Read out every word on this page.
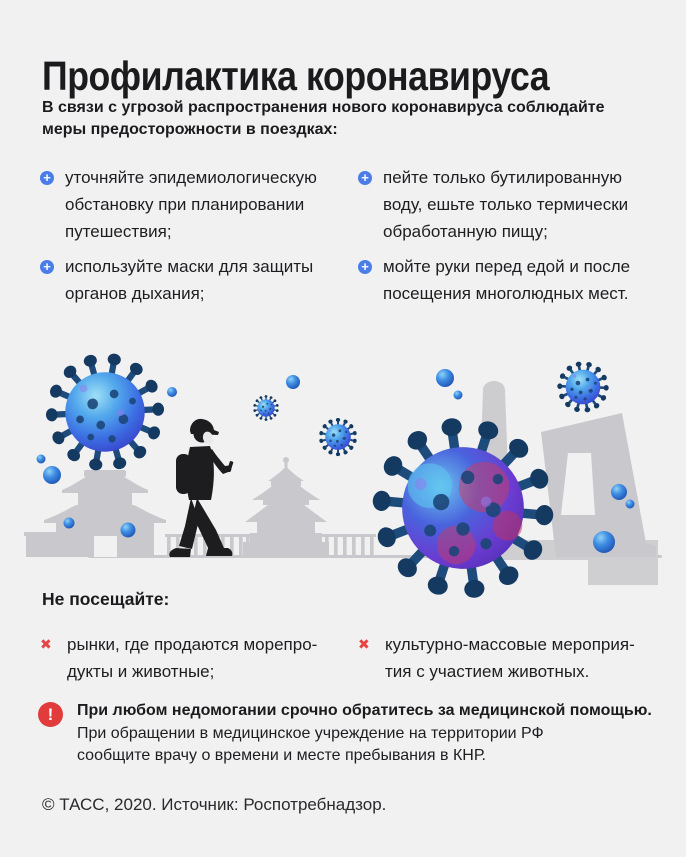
Профилактика коронавируса
В связи с угрозой распространения нового коронавируса соблюдайте
меры предосторожности в поездках:
+ уточняйте эпидемиологическую
обстановку при планировании
путешествия;
+ используйте маски для защиты
органов дыхания;
+ пейте только бутилированную
воду, ешьте только термически
обработанную пищу;
+ мойте руки перед едой и после
посещения многолюдных мест.
Не посещайте:
✖ рынки, где продаются морепро-
дукты и животные;
✖ культурно-массовые мероприя-
тия с участием животных.
!	При любом недомогании срочно обратитесь за медицинской помощью.
При обращении в медицинское учреждение на территории РФ
сообщите врачу о времени и месте пребывания в КНР.
© ТАСС, 2020. Источник: Роспотребнадзор.
